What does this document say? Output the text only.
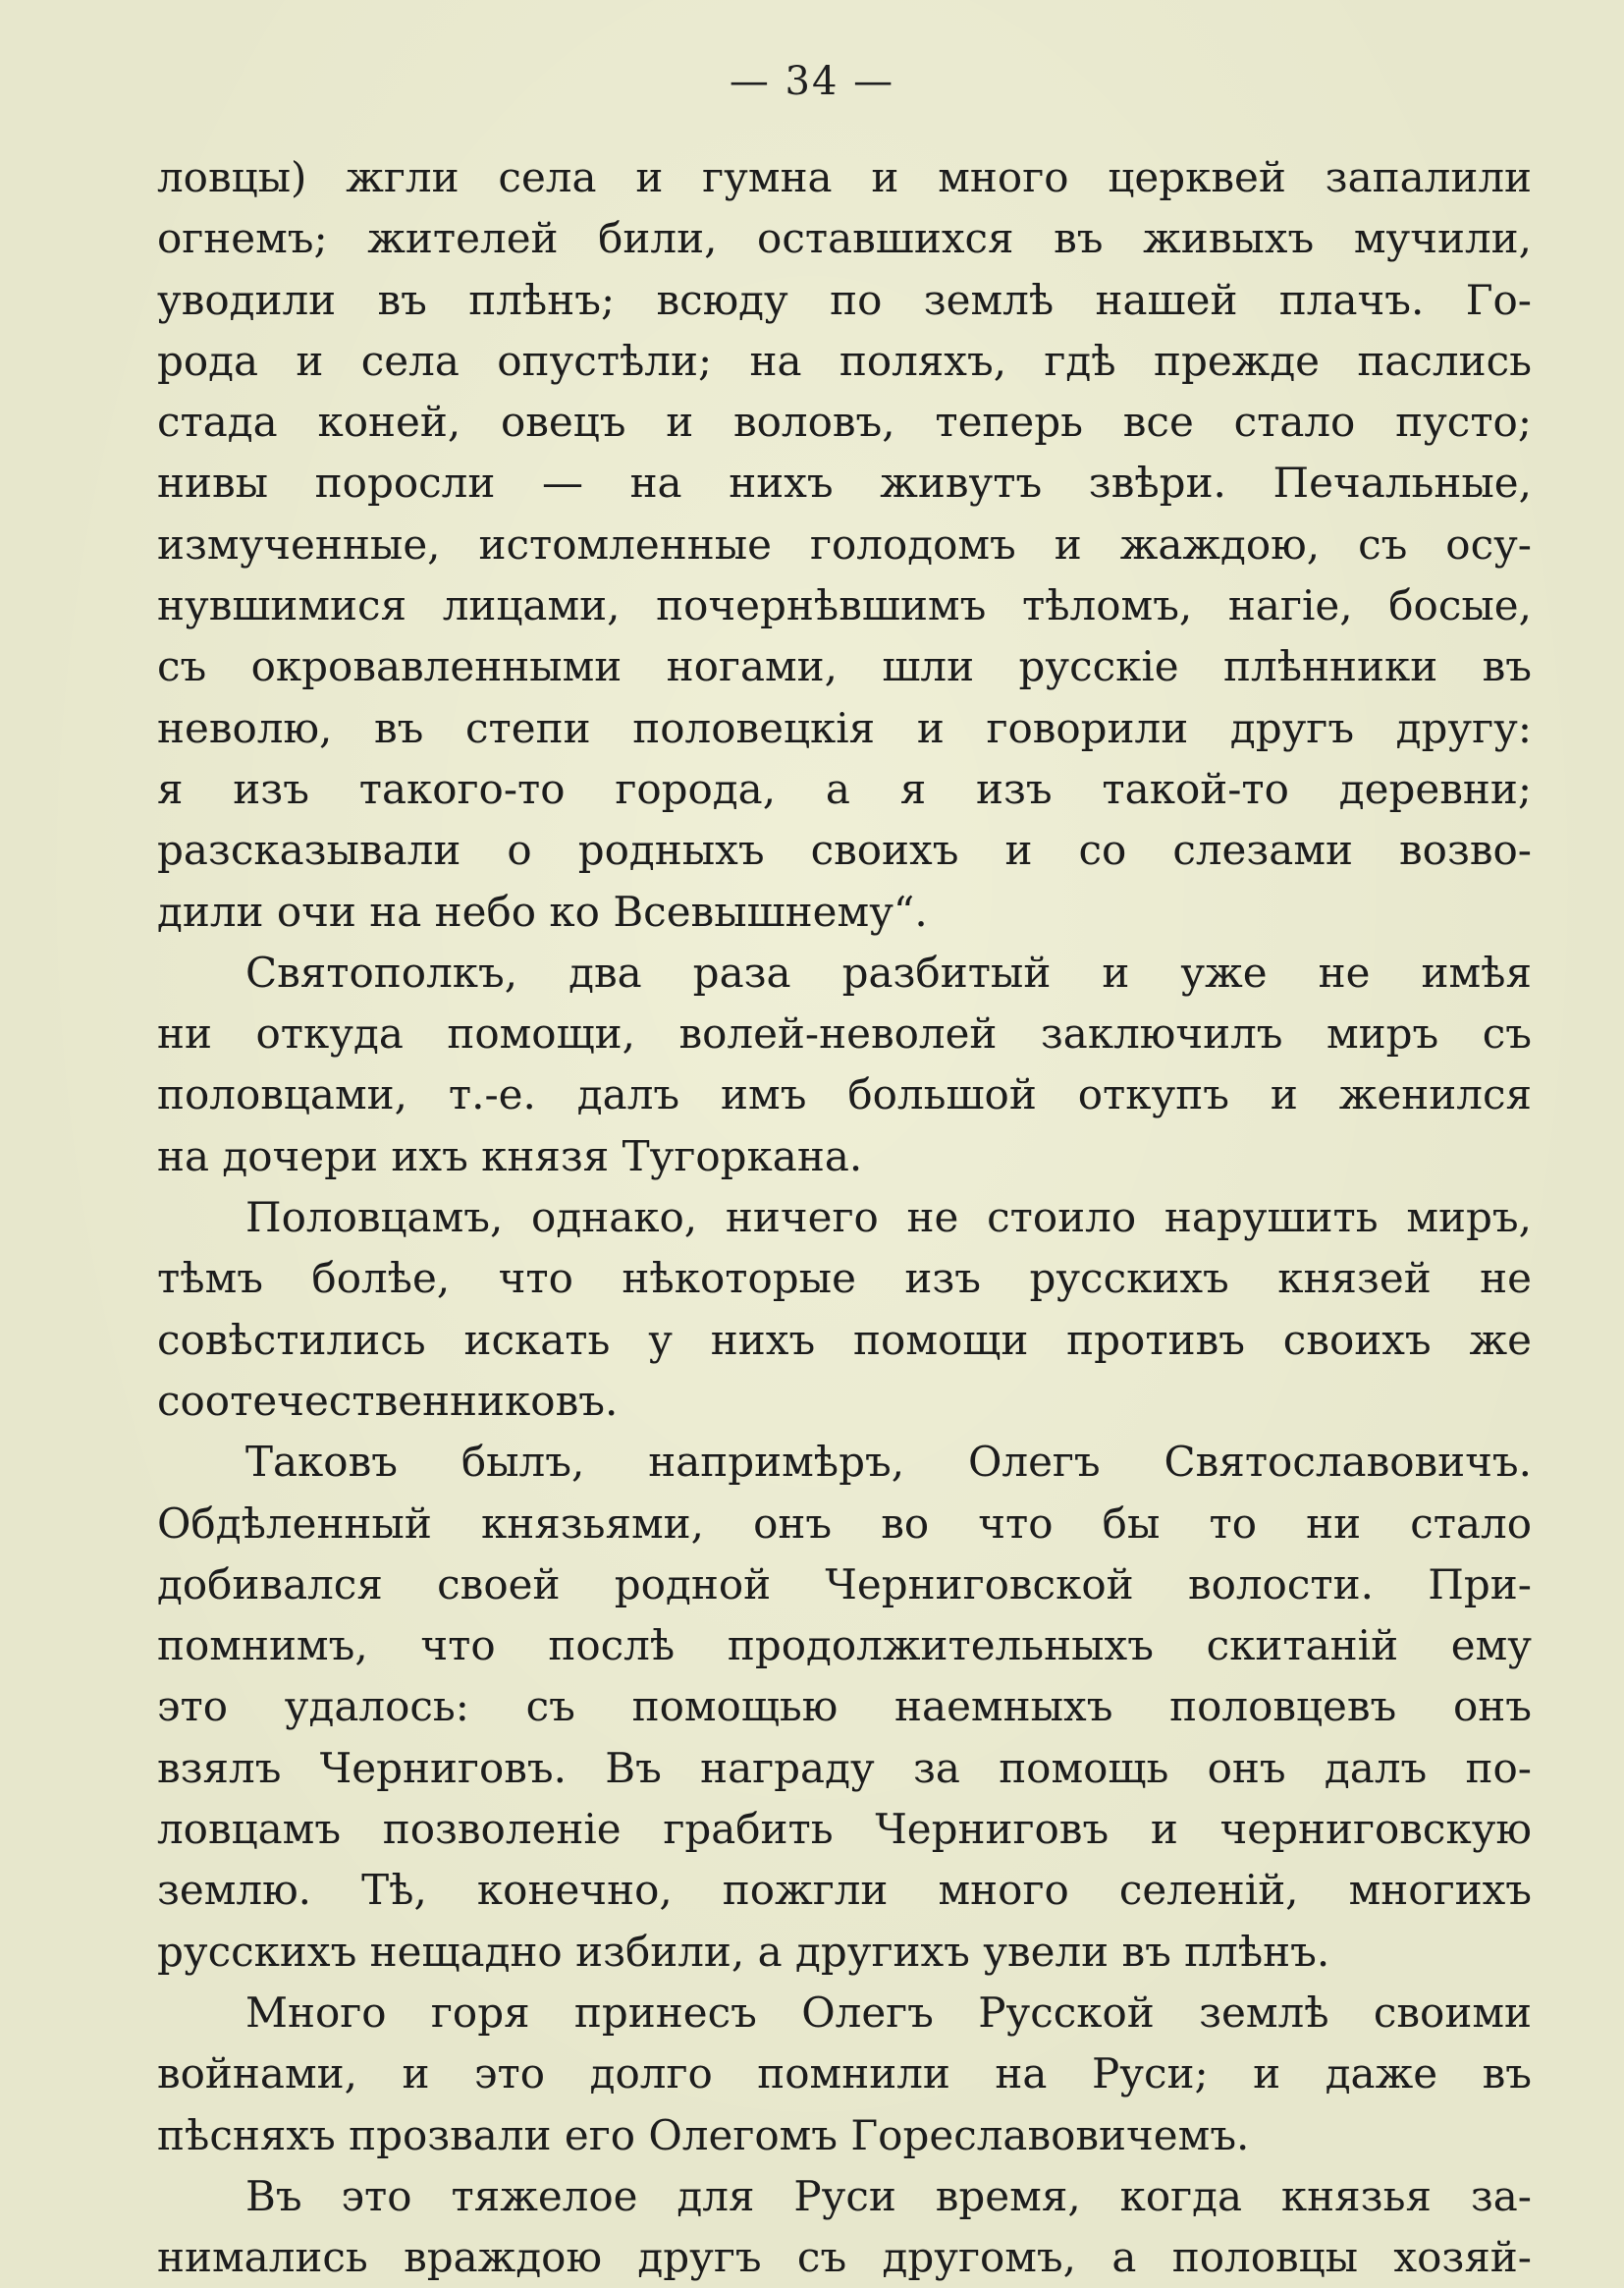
— 34 —
ловцы) жгли села и гумна и много церквей запалили
огнемъ; жителей били, оставшихся въ живыхъ мучили,
уводили въ плѣнъ; всюду по землѣ нашей плачъ. Го-
рода и села опустѣли; на поляхъ, гдѣ прежде паслись
стада коней, овецъ и воловъ, теперь все стало пусто;
нивы поросли — на нихъ живутъ звѣри. Печальные,
измученные, истомленные голодомъ и жаждою, съ осу-
нувшимися лицами, почернѣвшимъ тѣломъ, нагіе, босые,
съ окровавленными ногами, шли русскіе плѣнники въ
неволю, въ степи половецкія и говорили другъ другу:
я изъ такого-то города, а я изъ такой-то деревни;
разсказывали о родныхъ своихъ и со слезами возво-
дили очи на небо ко Всевышнему“.
Святополкъ, два раза разбитый и уже не имѣя
ни откуда помощи, волей-неволей заключилъ миръ съ
половцами, т.-е. далъ имъ большой откупъ и женился
на дочери ихъ князя Тугоркана.
Половцамъ, однако, ничего не стоило нарушить миръ,
тѣмъ болѣе, что нѣкоторые изъ русскихъ князей не
совѣстились искать у нихъ помощи противъ своихъ же
соотечественниковъ.
Таковъ былъ, напримѣръ, Олегъ Святославовичъ.
Обдѣленный князьями, онъ во что бы то ни стало
добивался своей родной Черниговской волости. При-
помнимъ, что послѣ продолжительныхъ скитаній ему
это удалось: съ помощью наемныхъ половцевъ онъ
взялъ Черниговъ. Въ награду за помощь онъ далъ по-
ловцамъ позволеніе грабить Черниговъ и черниговскую
землю. Тѣ, конечно, пожгли много селеній, многихъ
русскихъ нещадно избили, а другихъ увели въ плѣнъ.
Много горя принесъ Олегъ Русской землѣ своими
войнами, и это долго помнили на Руси; и даже въ
пѣсняхъ прозвали его Олегомъ Гореславовичемъ.
Въ это тяжелое для Руси время, когда князья за-
нимались враждою другъ съ другомъ, а половцы хозяй-
